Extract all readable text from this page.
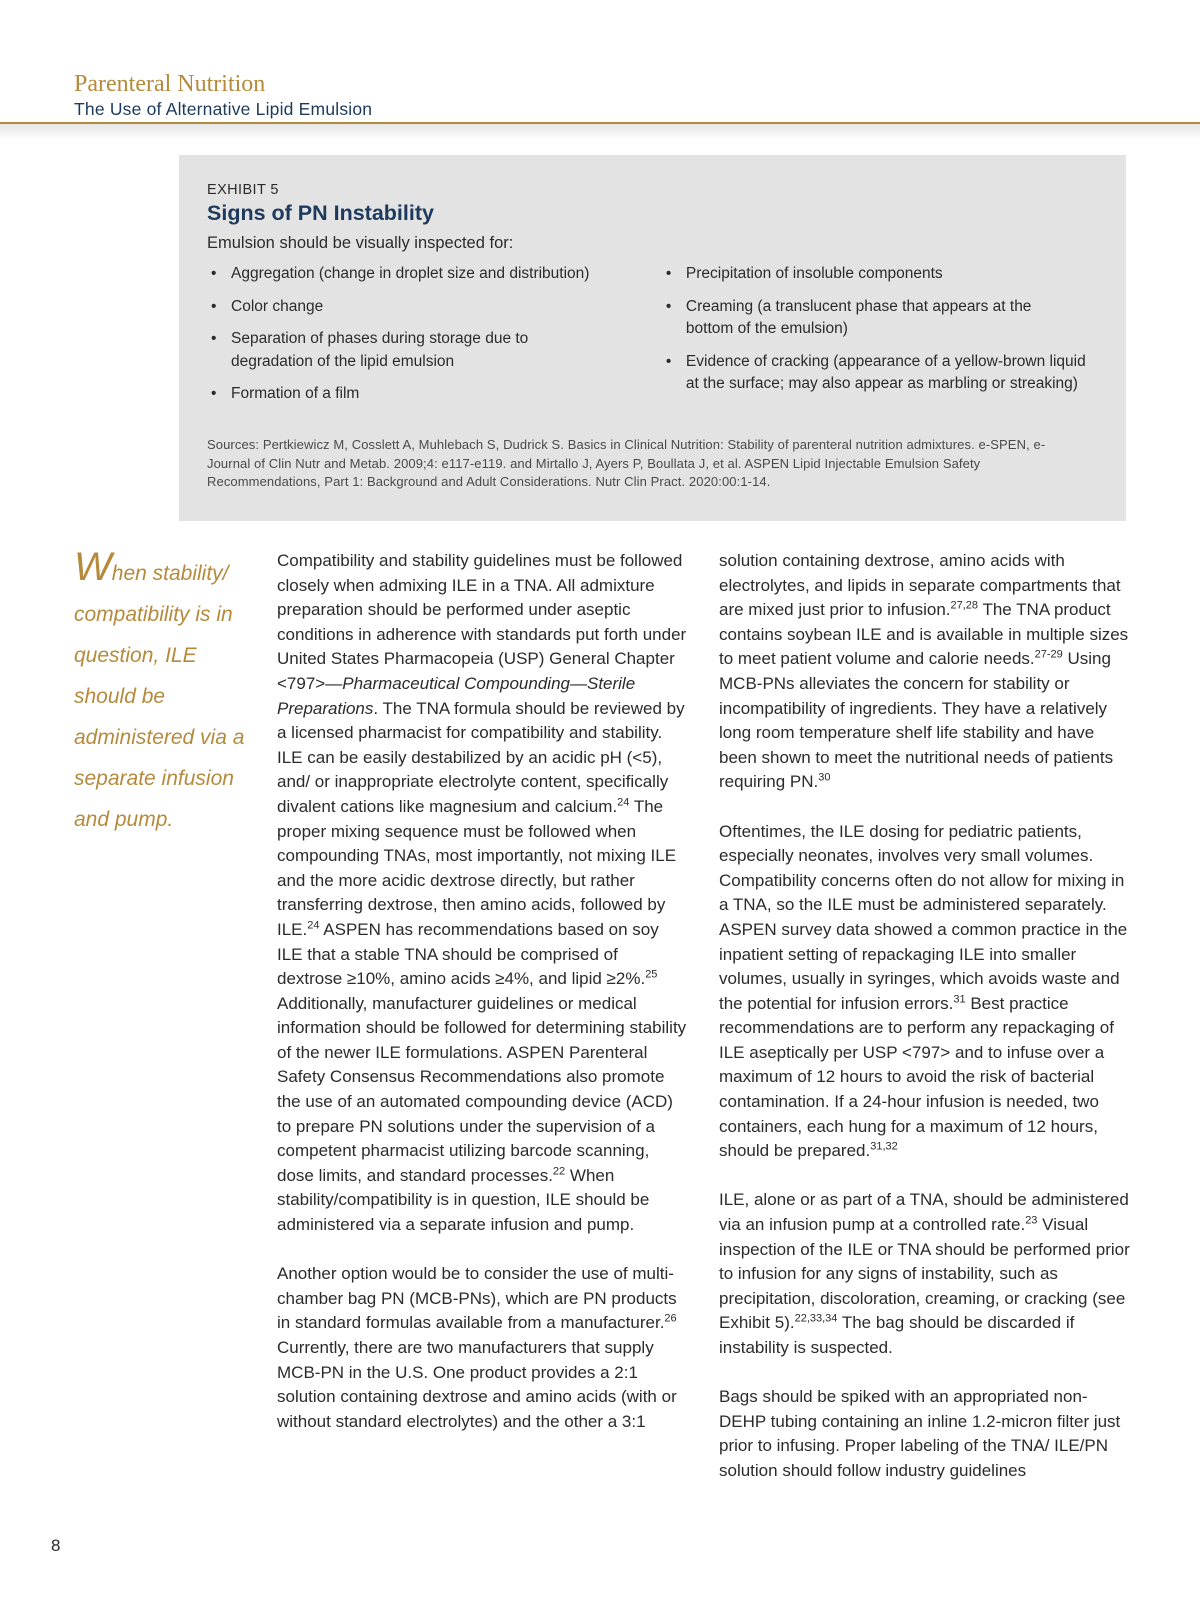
Parenteral Nutrition
The Use of Alternative Lipid Emulsion
EXHIBIT 5
Signs of PN Instability
Emulsion should be visually inspected for:
• Aggregation (change in droplet size and distribution)
• Color change
• Separation of phases during storage due to degradation of the lipid emulsion
• Formation of a film
• Precipitation of insoluble components
• Creaming (a translucent phase that appears at the bottom of the emulsion)
• Evidence of cracking (appearance of a yellow-brown liquid at the surface; may also appear as marbling or streaking)
Sources: Pertkiewicz M, Cosslett A, Muhlebach S, Dudrick S. Basics in Clinical Nutrition: Stability of parenteral nutrition admixtures. e-SPEN, e-Journal of Clin Nutr and Metab. 2009;4: e117-e119. and Mirtallo J, Ayers P, Boullata J, et al. ASPEN Lipid Injectable Emulsion Safety Recommendations, Part 1: Background and Adult Considerations. Nutr Clin Pract. 2020:00:1-14.
When stability/ compatibility is in question, ILE should be administered via a separate infusion and pump.

Compatibility and stability guidelines must be followed closely when admixing ILE in a TNA. All admixture preparation should be performed under aseptic conditions in adherence with standards put forth under United States Pharmacopeia (USP) General Chapter <797>—Pharmaceutical Compounding—Sterile Preparations. The TNA formula should be reviewed by a licensed pharmacist for compatibility and stability. ILE can be easily destabilized by an acidic pH (<5), and/ or inappropriate electrolyte content, specifically divalent cations like magnesium and calcium.$^{24}$ The proper mixing sequence must be followed when compounding TNAs, most importantly, not mixing ILE and the more acidic dextrose directly, but rather transferring dextrose, then amino acids, followed by ILE.$^{24}$ ASPEN has recommendations based on soy ILE that a stable TNA should be comprised of dextrose ≥10%, amino acids ≥4%, and lipid ≥2%.$^{25}$ Additionally, manufacturer guidelines or medical information should be followed for determining stability of the newer ILE formulations. ASPEN Parenteral Safety Consensus Recommendations also promote the use of an automated compounding device (ACD) to prepare PN solutions under the supervision of a competent pharmacist utilizing barcode scanning, dose limits, and standard processes.$^{22}$ When stability/compatibility is in question, ILE should be administered via a separate infusion and pump.

Another option would be to consider the use of multi-chamber bag PN (MCB-PNs), which are PN products in standard formulas available from a manufacturer.$^{26}$ Currently, there are two manufacturers that supply MCB-PN in the U.S. One product provides a 2:1 solution containing dextrose and amino acids (with or without standard electrolytes) and the other a 3:1

solution containing dextrose, amino acids with electrolytes, and lipids in separate compartments that are mixed just prior to infusion.$^{27,28}$ The TNA product contains soybean ILE and is available in multiple sizes to meet patient volume and calorie needs.$^{27-29}$ Using MCB-PNs alleviates the concern for stability or incompatibility of ingredients. They have a relatively long room temperature shelf life stability and have been shown to meet the nutritional needs of patients requiring PN.$^{30}$

Oftentimes, the ILE dosing for pediatric patients, especially neonates, involves very small volumes. Compatibility concerns often do not allow for mixing in a TNA, so the ILE must be administered separately. ASPEN survey data showed a common practice in the inpatient setting of repackaging ILE into smaller volumes, usually in syringes, which avoids waste and the potential for infusion errors.$^{31}$ Best practice recommendations are to perform any repackaging of ILE aseptically per USP <797> and to infuse over a maximum of 12 hours to avoid the risk of bacterial contamination. If a 24-hour infusion is needed, two containers, each hung for a maximum of 12 hours, should be prepared.$^{31,32}$

ILE, alone or as part of a TNA, should be administered via an infusion pump at a controlled rate.$^{23}$ Visual inspection of the ILE or TNA should be performed prior to infusion for any signs of instability, such as precipitation, discoloration, creaming, or cracking (see Exhibit 5).$^{22,33,34}$ The bag should be discarded if instability is suspected.

Bags should be spiked with an appropriated non-DEHP tubing containing an inline 1.2-micron filter just prior to infusing. Proper labeling of the TNA/ ILE/PN solution should follow industry guidelines

8
